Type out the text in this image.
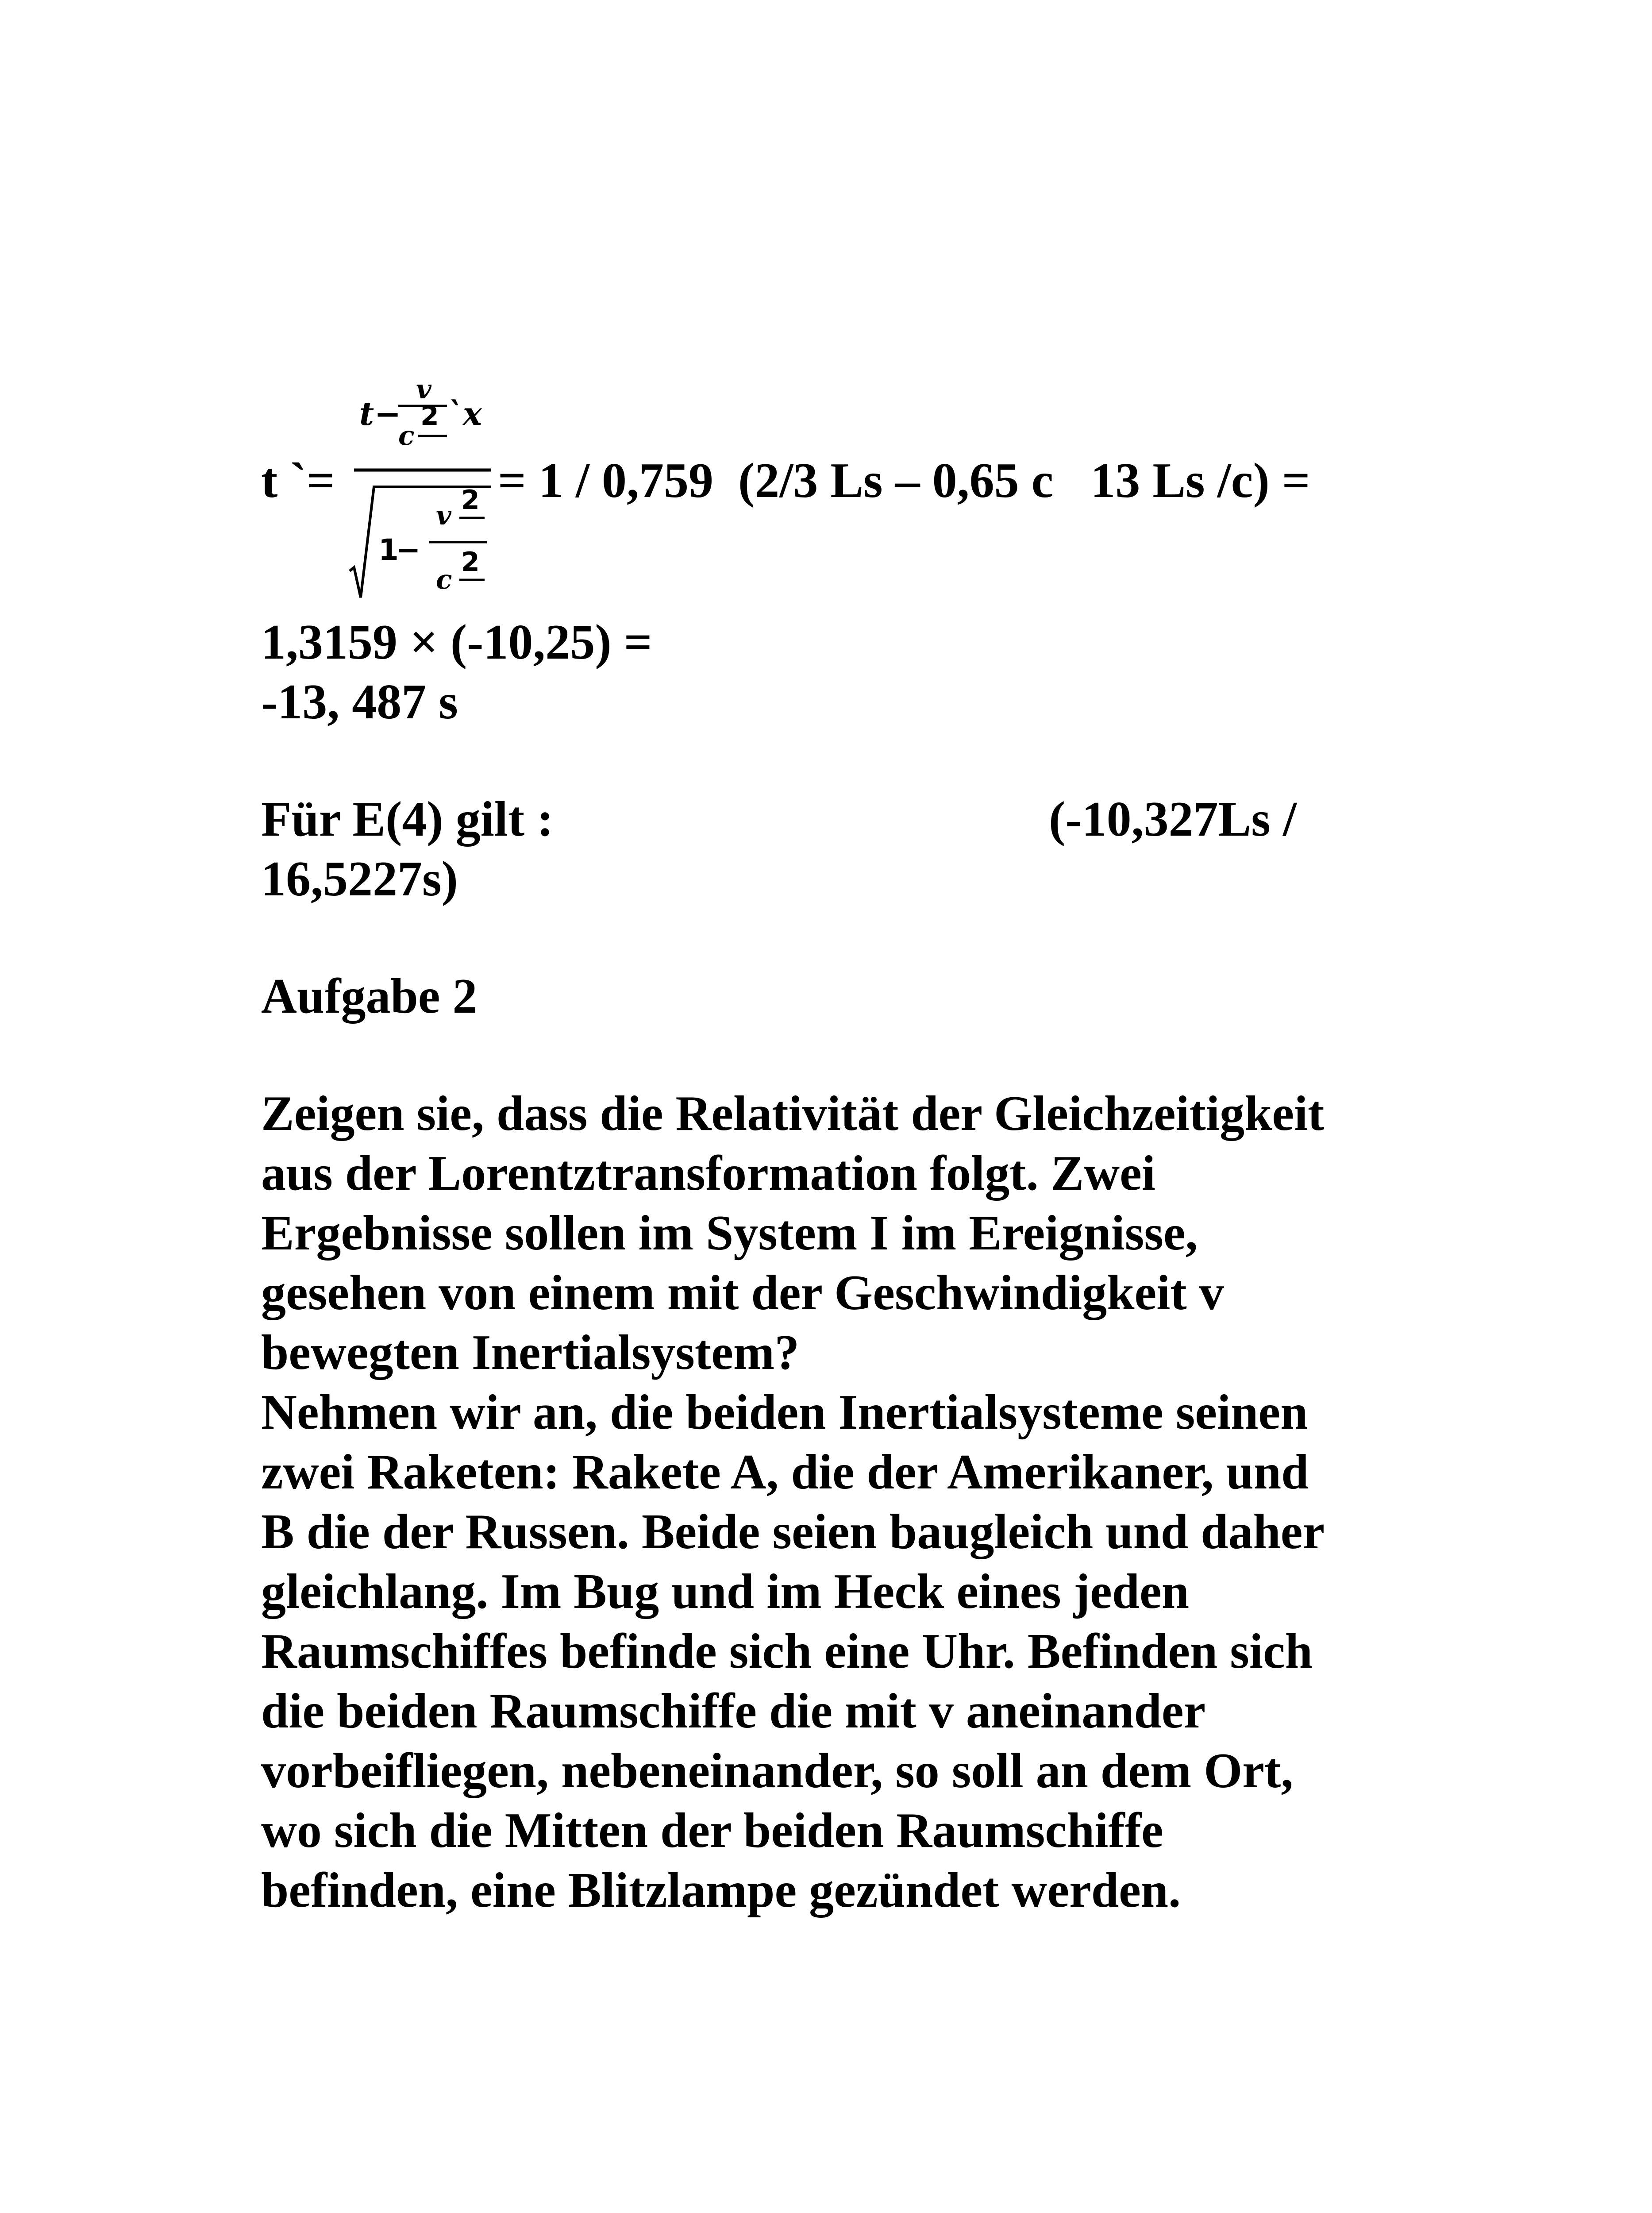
t `=
t −
v
2
c
`x
1
−
v 2
2
c
= 1 / 0,759  (2/3 Ls – 0,65 c   13 Ls /c) =
1,3159 × (-10,25) =
-13, 487 s
Für E(4) gilt :	(-10,327Ls /
16,5227s)
Aufgabe 2
Zeigen sie, dass die Relativität der Gleichzeitigkeit
aus der Lorentztransformation folgt. Zwei
Ergebnisse sollen im System I im Ereignisse,
gesehen von einem mit der Geschwindigkeit v
bewegten Inertialsystem?
Nehmen wir an, die beiden Inertialsysteme seinen
zwei Raketen: Rakete A, die der Amerikaner, und
B die der Russen. Beide seien baugleich und daher
gleichlang. Im Bug und im Heck eines jeden
Raumschiffes befinde sich eine Uhr. Befinden sich
die beiden Raumschiffe die mit v aneinander
vorbeifliegen, nebeneinander, so soll an dem Ort,
wo sich die Mitten der beiden Raumschiffe
befinden, eine Blitzlampe gezündet werden.
